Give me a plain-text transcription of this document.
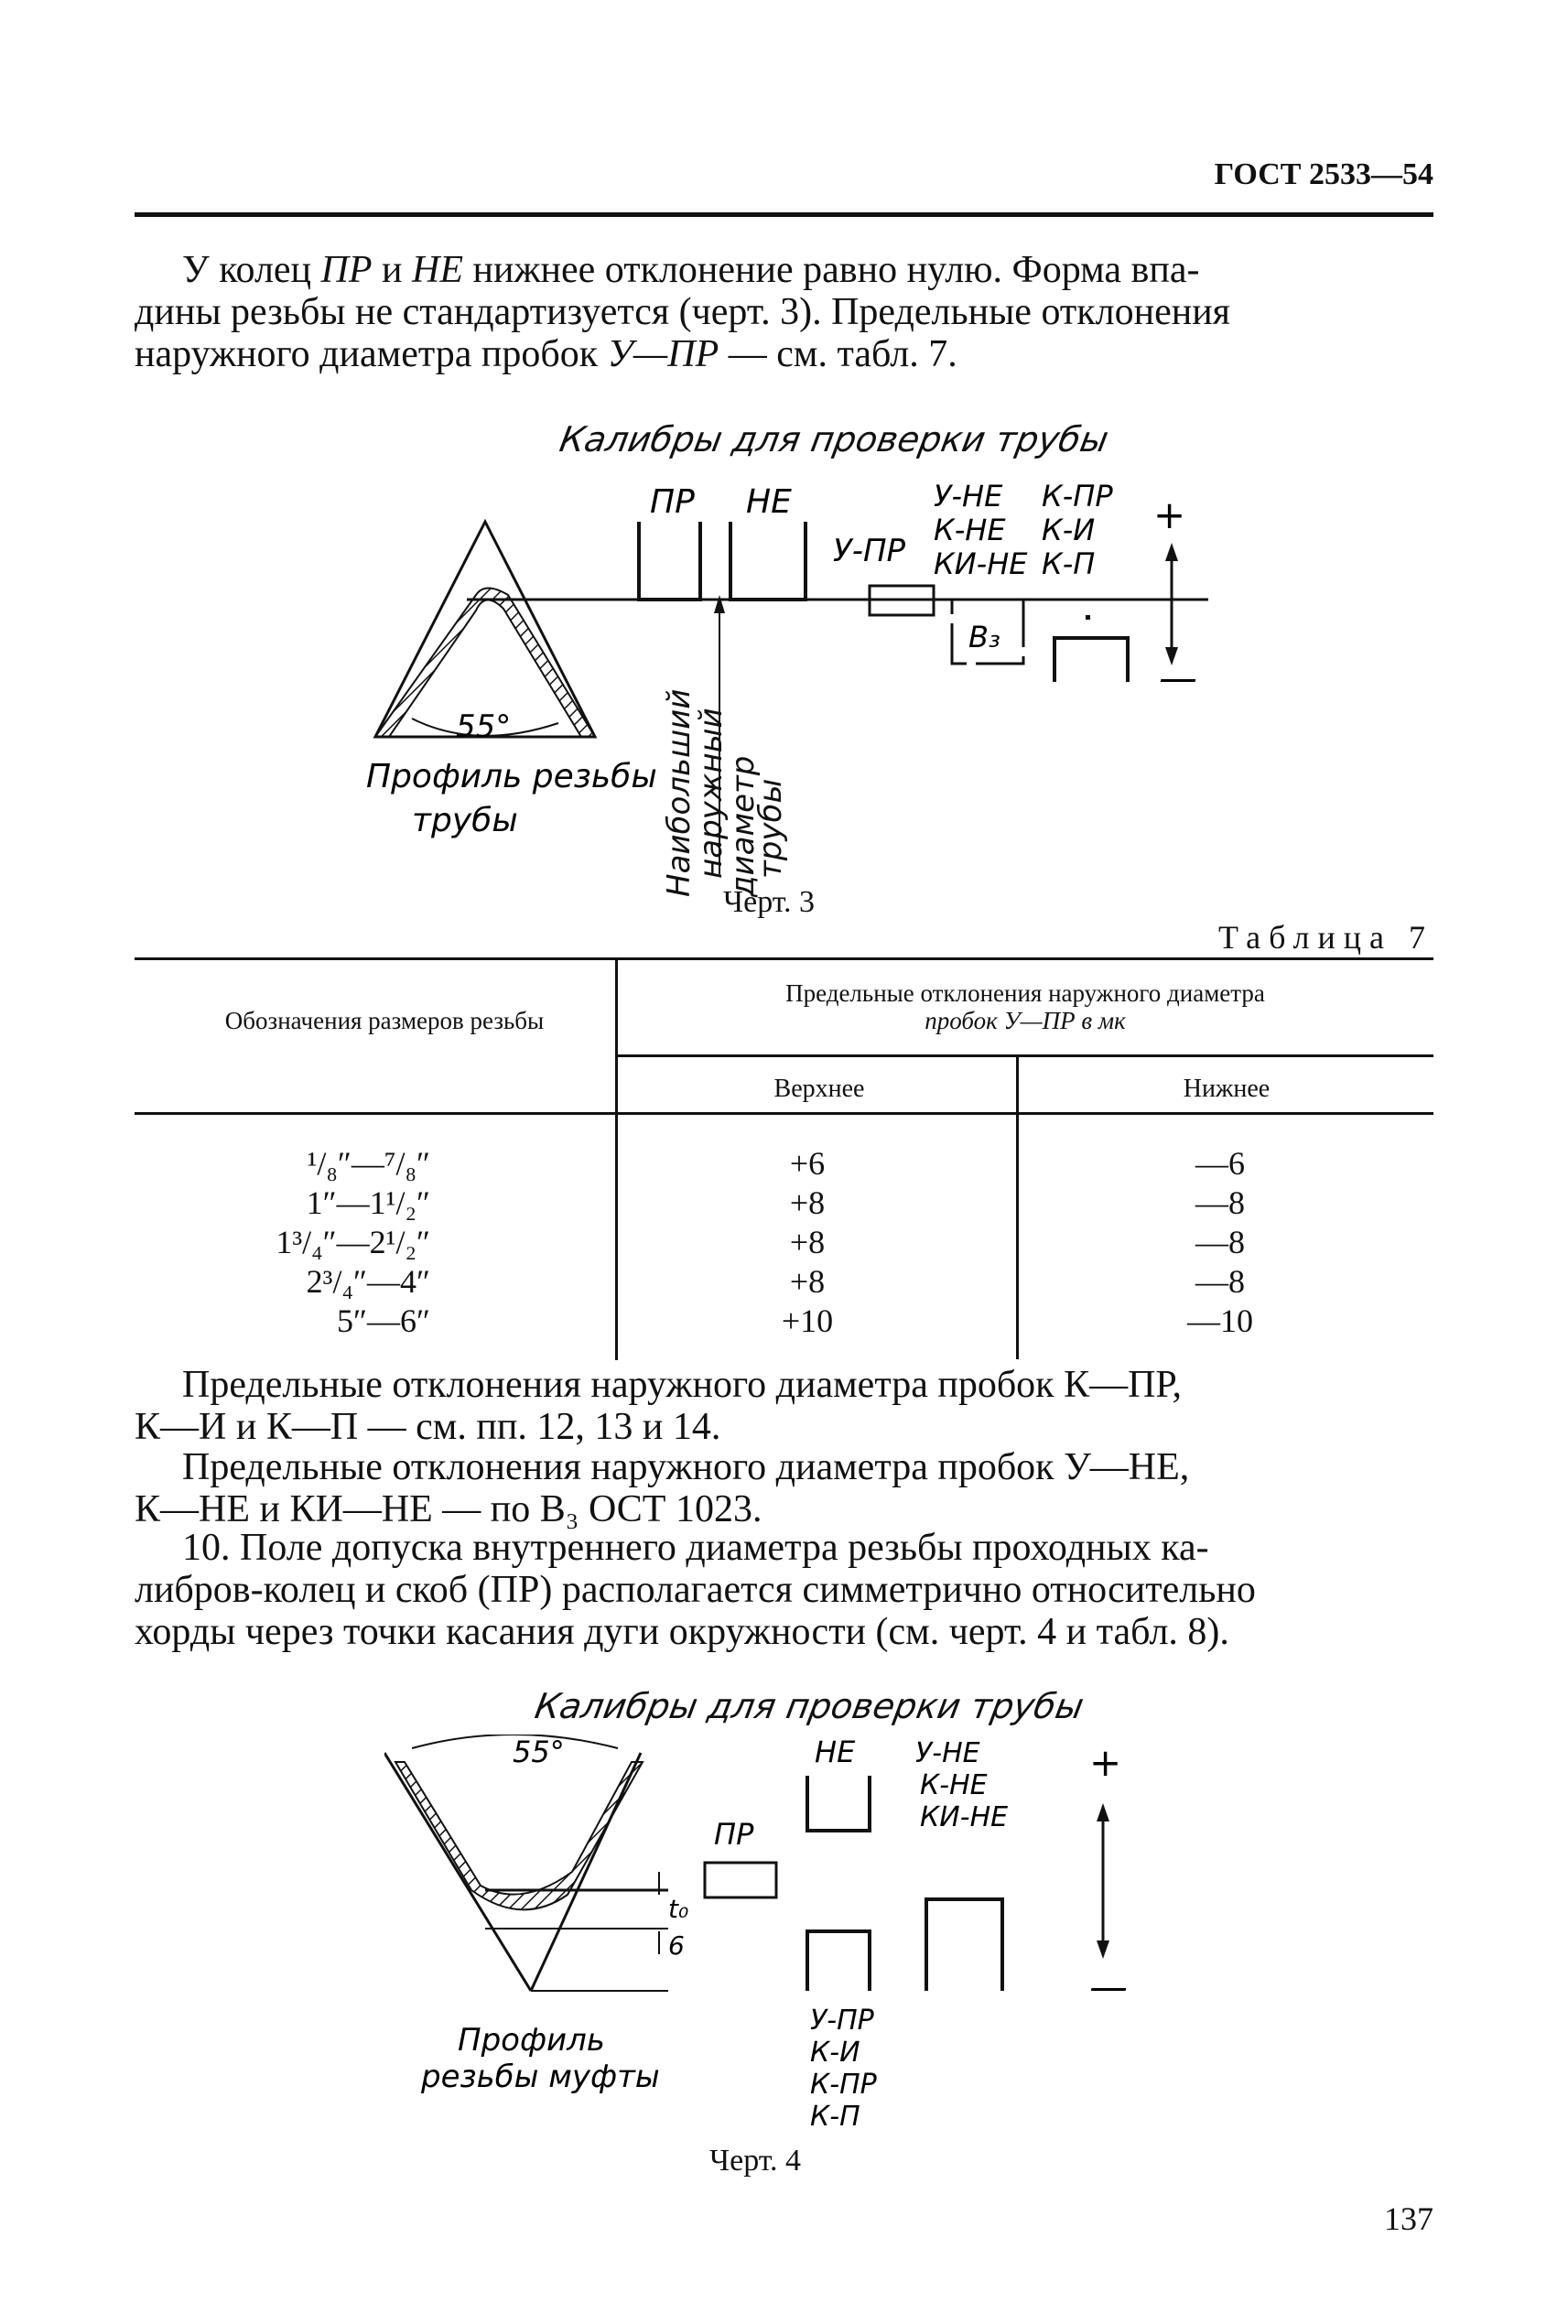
ГОСТ 2533—54
У колец ПР и НЕ нижнее отклонение равно нулю. Форма впа-
дины резьбы не стандартизуется (черт. 3). Предельные отклонения
наружного диаметра пробок У—ПР — см. табл. 7.
Калибры для проверки трубы
55°
Профиль резьбы
трубы
ПР НЕ
У-ПР
У-НЕ
К-НЕ
КИ-НЕ
К-ПР
К-И
К-П
В₃
+
—
Наибольший
наружный
диаметр
трубы
Черт. 3
Таблица 7
Обозначения размеров резьбы
Предельные отклонения наружного диаметра
пробок У—ПР в мк
Верхнее	Нижнее
¹/₈″—⁷/₈″	+6	—6
1″—1¹/₂″	+8	—8
1³/₄″—2¹/₂″	+8	—8
2³/₄″—4″	+8	—8
5″—6″	+10	—10
Предельные отклонения наружного диаметра пробок К—ПР,
К—И и К—П — см. пп. 12, 13 и 14.
Предельные отклонения наружного диаметра пробок У—НЕ,
К—НЕ и КИ—НЕ — по В₃ ОСТ 1023.
10. Поле допуска внутреннего диаметра резьбы проходных ка-
либров-колец и скоб (ПР) располагается симметрично относительно
хорды через точки касания дуги окружности (см. черт. 4 и табл. 8).
Калибры для проверки трубы
55°
t₀
6
ПР
НЕ У-НЕ
К-НЕ
КИ-НЕ
У-ПР
К-И
К-ПР
К-П
+
—
Профиль
резьбы муфты
Черт. 4
137
